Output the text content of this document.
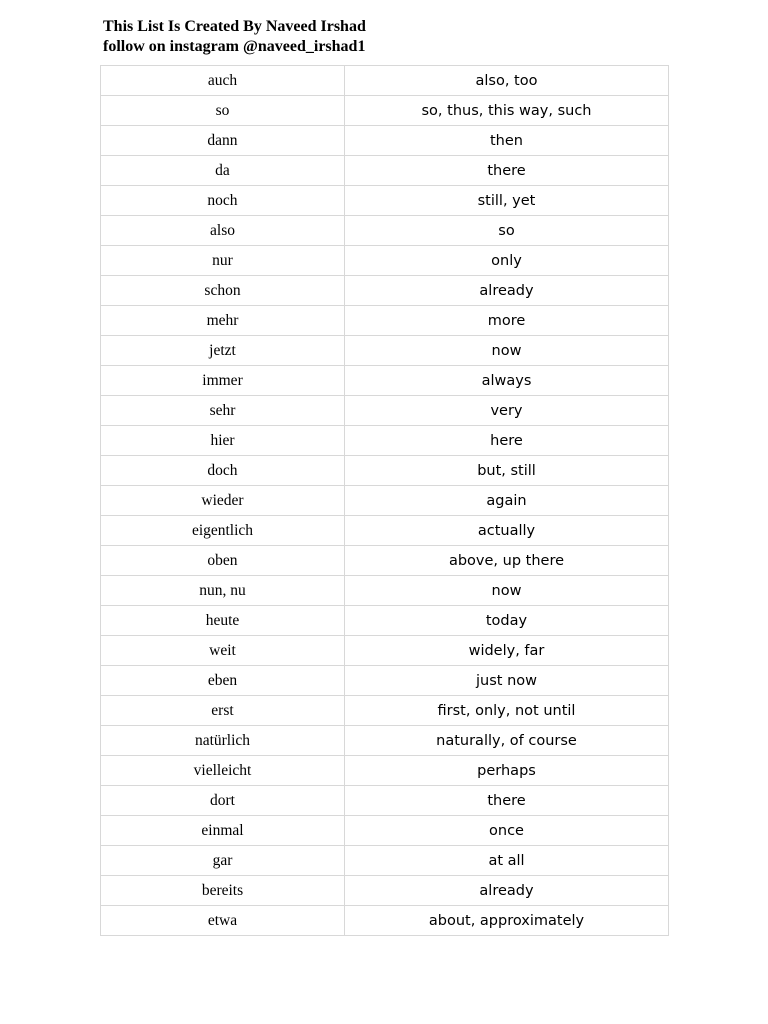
This List Is Created By Naveed Irshad
follow on instagram @naveed_irshad1
auch	also, too
so	so, thus, this way, such
dann	then
da	there
noch	still, yet
also	so
nur	only
schon	already
mehr	more
jetzt	now
immer	always
sehr	very
hier	here
doch	but, still
wieder	again
eigentlich	actually
oben	above, up there
nun, nu	now
heute	today
weit	widely, far
eben	just now
erst	first, only, not until
natürlich	naturally, of course
vielleicht	perhaps
dort	there
einmal	once
gar	at all
bereits	already
etwa	about, approximately
